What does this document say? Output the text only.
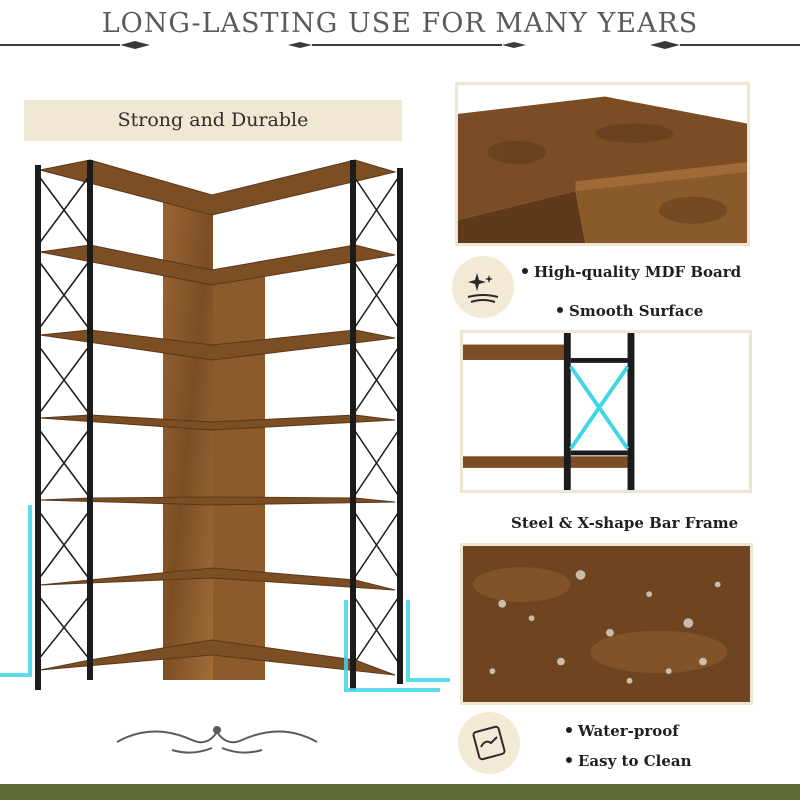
LONG-LASTING USE FOR MANY YEARS
Strong and Durable
High-quality MDF Board
Smooth Surface
Steel & X-shape Bar Frame
Water-proof
Easy to Clean
